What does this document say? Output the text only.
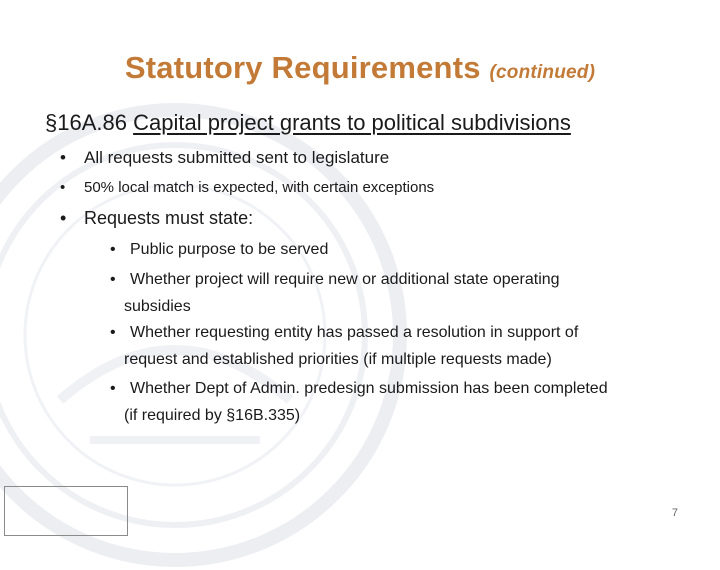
Statutory Requirements (continued)
§16A.86 Capital project grants to political subdivisions
• All requests submitted sent to legislature
• 50% local match is expected, with certain exceptions
• Requests must state:
• Public purpose to be served
• Whether project will require new or additional state operating
subsidies
• Whether requesting entity has passed a resolution in support of
request and established priorities (if multiple requests made)
• Whether Dept of Admin. predesign submission has been completed
(if required by §16B.335)
7
